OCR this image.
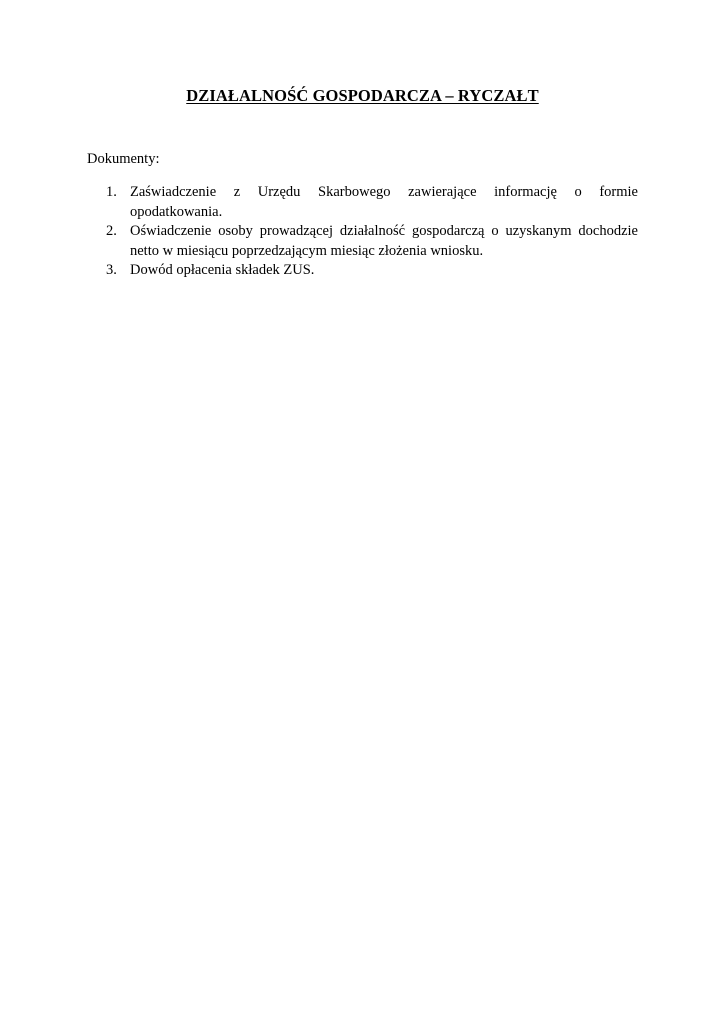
DZIAŁALNOŚĆ GOSPODARCZA – RYCZAŁT
Dokumenty:
1. Zaświadczenie z Urzędu Skarbowego zawierające informację o formie
opodatkowania.
2. Oświadczenie osoby prowadzącej działalność gospodarczą o uzyskanym dochodzie
netto w miesiącu poprzedzającym miesiąc złożenia wniosku.
3. Dowód opłacenia składek ZUS.
